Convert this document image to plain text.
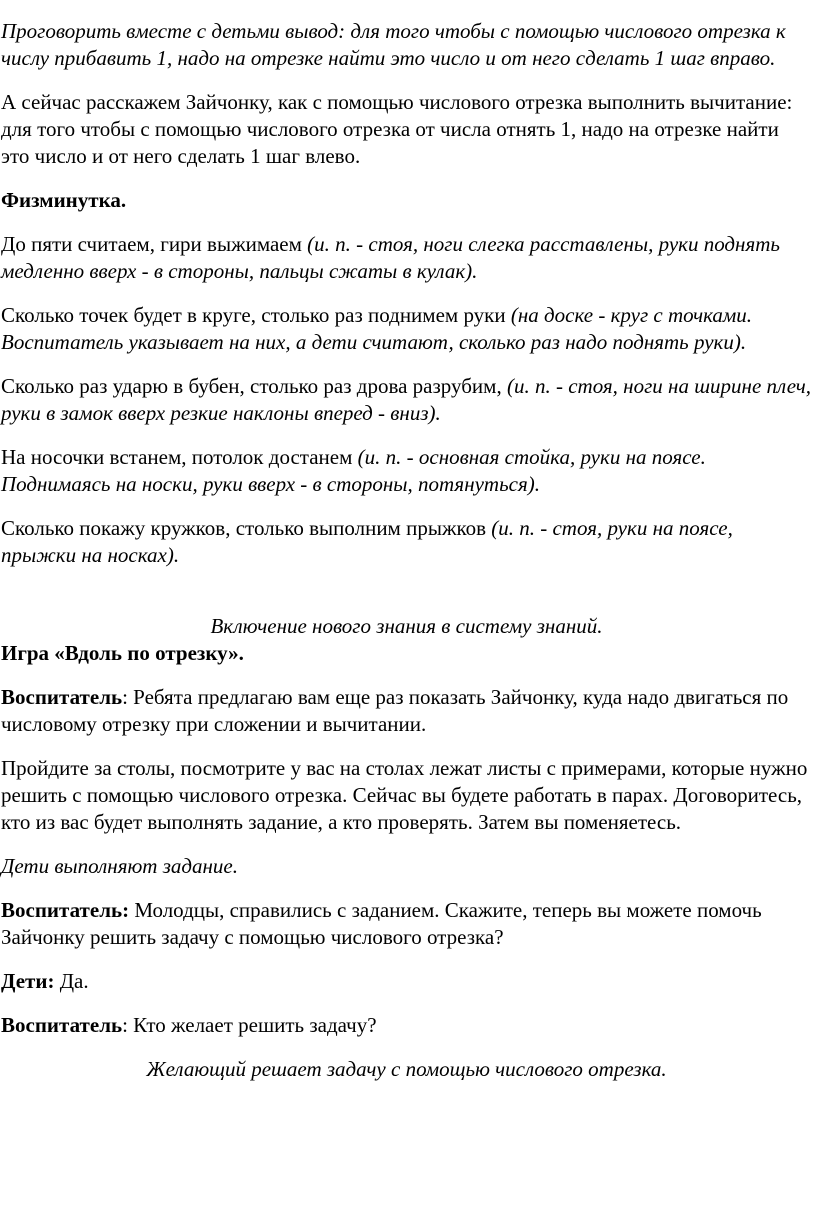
Проговорить вместе с детьми вывод: для того чтобы с помощью числового отрезка к числу прибавить 1, надо на отрезке найти это число и от него сделать 1 шаг вправо.

А сейчас расскажем Зайчонку, как с помощью числового отрезка выполнить вычитание: для того чтобы с помощью числового отрезка от числа отнять 1, надо на отрезке найти это число и от него сделать 1 шаг влево.

Физминутка.

До пяти считаем, гири выжимаем (и. п. - стоя, ноги слегка расставлены, руки поднять медленно вверх - в стороны, пальцы сжаты в кулак).

Сколько точек будет в круге, столько раз поднимем руки (на доске - круг с точками. Воспитатель указывает на них, а дети считают, сколько раз надо поднять руки).

Сколько раз ударю в бубен, столько раз дрова разрубим, (и. п. - стоя, ноги на ширине плеч, руки в замок вверх резкие наклоны вперед - вниз).

На носочки встанем, потолок достанем (и. п. - основная стойка, руки на поясе. Поднимаясь на носки, руки вверх - в стороны, потянуться).

Сколько покажу кружков, столько выполним прыжков (и. п. - стоя, руки на поясе, прыжки на носках).

Включение нового знания в систему знаний.

Игра «Вдоль по отрезку».

Воспитатель: Ребята предлагаю вам еще раз показать Зайчонку, куда надо двигаться по числовому отрезку при сложении и вычитании.

Пройдите за столы, посмотрите у вас на столах лежат листы с примерами, которые нужно решить с помощью числового отрезка. Сейчас вы будете работать в парах. Договоритесь, кто из вас будет выполнять задание, а кто проверять. Затем вы поменяетесь.

Дети выполняют задание.

Воспитатель: Молодцы, справились с заданием. Скажите, теперь вы можете помочь Зайчонку решить задачу с помощью числового отрезка?

Дети: Да.

Воспитатель: Кто желает решить задачу?

Желающий решает задачу с помощью числового отрезка.
